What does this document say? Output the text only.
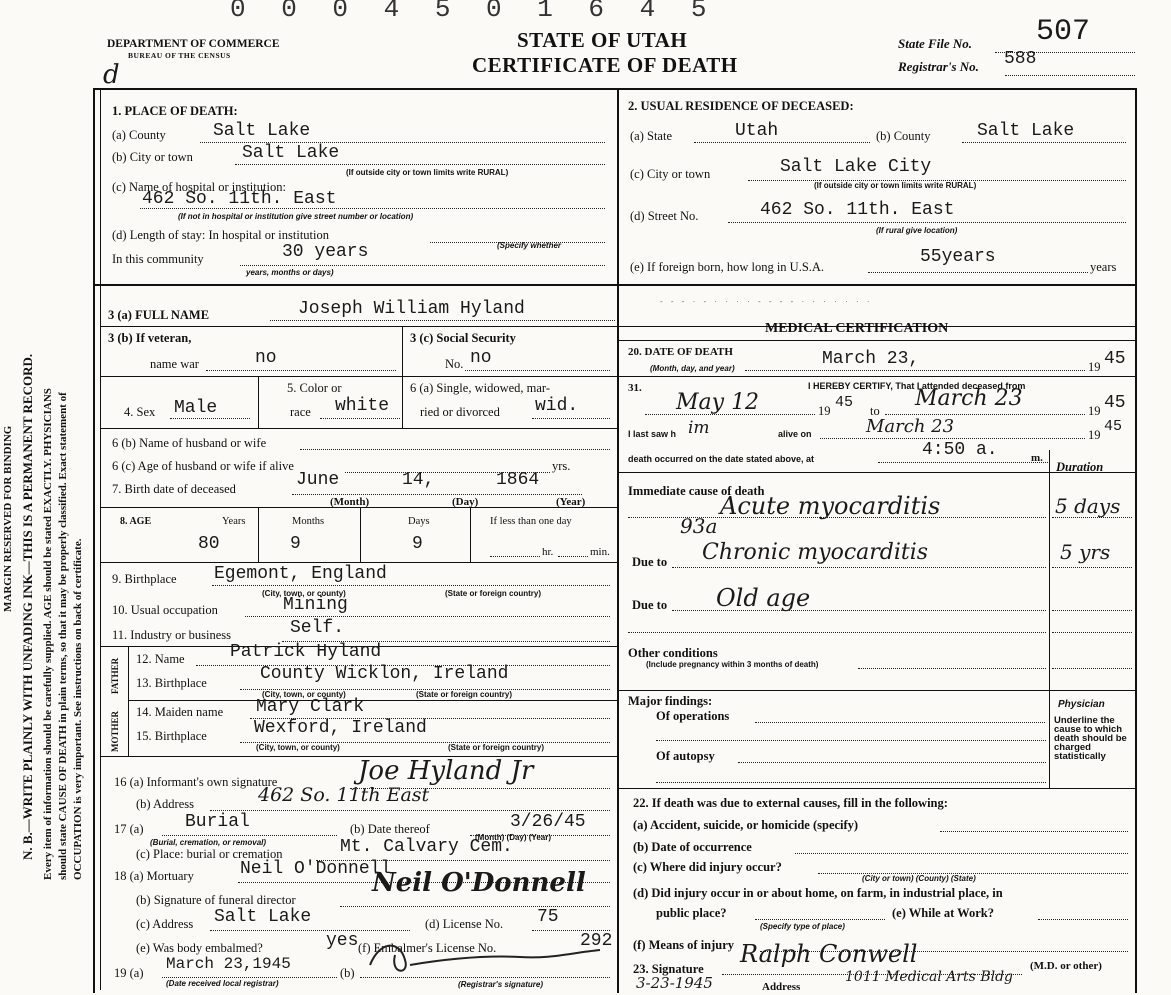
MARGIN RESERVED FOR BINDING N. B.—WRITE PLAINLY WITH UNFADING INK—THIS IS A PERMANENT RECORD. Every item of information should be carefully supplied. AGE should be stated EXACTLY. PHYSICIANS should state CAUSE OF DEATH in plain terms, so that it may be properly classified. Exact statement of OCCUPATION is very important. See instructions on back of certificate.
0 0 0 4 5 0 1 6 4 5
DEPARTMENT OF COMMERCE
BUREAU OF THE CENSUS
STATE OF UTAH
CERTIFICATE OF DEATH
State File No. 507
Registrar's No. 588
d
1. PLACE OF DEATH:
(a) County	Salt Lake
(b) City or town	Salt Lake
(If outside city or town limits write RURAL)
(c) Name of hospital or institution:
462 So. 11th. East
(If not in hospital or institution give street number or location)
(d) Length of stay: In hospital or institution
(Specify whether
In this community	30 years
years, months or days)
2. USUAL RESIDENCE OF DECEASED:
(a) State	Utah	(b) County	Salt Lake
(c) City or town	Salt Lake City
(If outside city or town limits write RURAL)
(d) Street No.	462 So. 11th. East
(If rural give location)
(e) If foreign born, how long in U.S.A.	55years	years
3 (a) FULL NAME	Joseph William Hyland	- - - · - · · · · - - - - · · · · · · ·
3 (b) If veteran,
name war	no
3 (c) Social Security
No. no
4. Sex Male
5. Color or
race white
6 (a) Single, widowed, mar-
ried or divorced wid.
6 (b) Name of husband or wife
6 (c) Age of husband or wife if alive	yrs.
7. Birth date of deceased	June	14,	1864
(Month)	(Day)	(Year)
8. AGE	Years	Months	Days	If less than one day
80	9	9	hr.	min.
9. Birthplace Egemont, England
(City, town, or county)	(State or foreign country)
10. Usual occupation	Mining
11. Industry or business	Self.
FATHER
MOTHER
12. Name	Patrick Hyland
13. Birthplace	County Wicklon, Ireland
(City, town, or county)	(State or foreign country)
14. Maiden name Mary Clark
15. Birthplace	Wexford, Ireland
(City, town, or county)	(State or foreign country)
16 (a) Informant's own signature	Joe Hyland Jr
(b) Address	462 So. 11th East
17 (a) Burial
(Burial, cremation, or removal)
(b) Date thereof	3/26/45
(Month) (Day) (Year)
(c) Place: burial or cremation	Mt. Calvary Cem.
18 (a) Mortuary	Neil O'Donnell
(b) Signature of funeral director
Neil O'Donnell
(c) Address Salt Lake	(d) License No. 75
(e) Was body embalmed?	yes (f) Embalmer's License No.	292
19 (a) March 23,1945
(Date received local registrar)
(b)
(Registrar's signature)
MEDICAL CERTIFICATION
20. DATE OF DEATH
(Month, day, and year)	March 23,	19 45
31.	I HEREBY CERTIFY, That I attended deceased from
May 12	19 45 to March 23	19 45
I last saw h im	alive on	March 23	19 45
death occurred on the date stated above, at	4:50 a.	m.
Duration
Immediate cause of death
Acute myocarditis	5 days
93a
Due to Chronic myocarditis	5 yrs
Due to Old age
Other conditions
(Include pregnancy within 3 months of death)
Major findings:
Of operations
Of autopsy
Physician
Underline the cause to which death should be charged statistically
22. If death was due to external causes, fill in the following:
(a) Accident, suicide, or homicide (specify)
(b) Date of occurrence
(c) Where did injury occur?
(City or town) (County) (State)
(d) Did injury occur in or about home, on farm, in industrial place, in
public place?
(Specify type of place)
(e) While at Work?
(f) Means of injury
23. Signature
Ralph Conwell	(M.D. or other)
3-23-1945	Address
1011 Medical Arts Bldg
